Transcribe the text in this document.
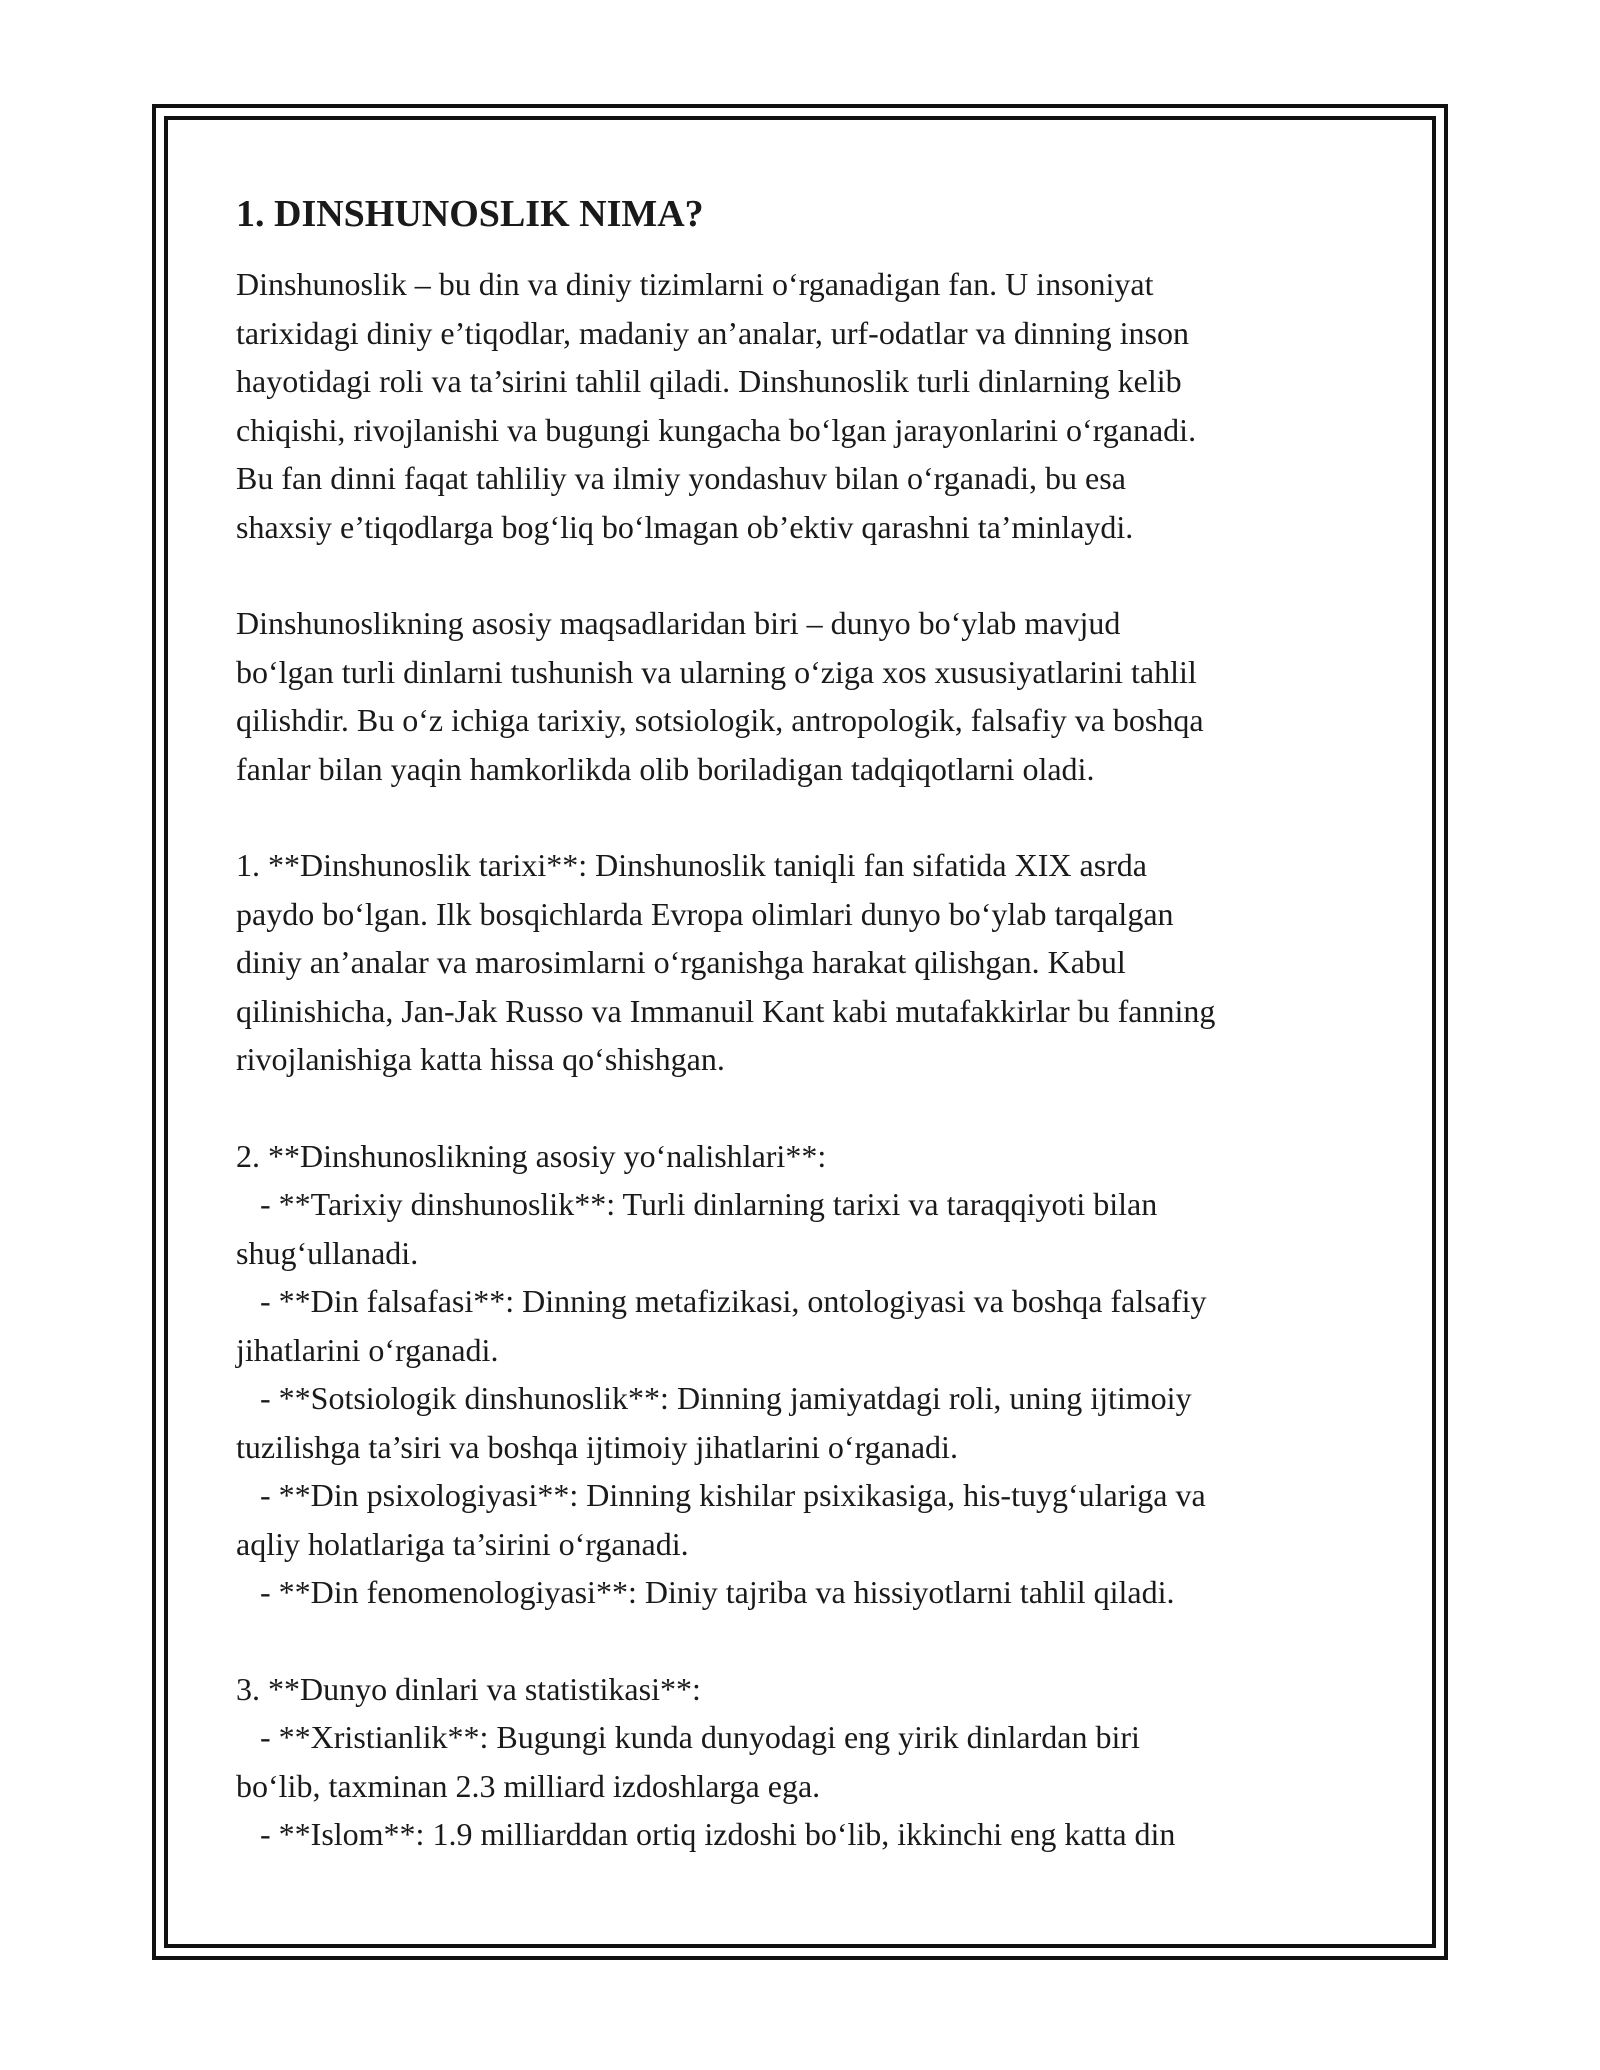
1. DINSHUNOSLIK NIMA?

Dinshunoslik – bu din va diniy tizimlarni o‘rganadigan fan. U insoniyat
tarixidagi diniy e’tiqodlar, madaniy an’analar, urf-odatlar va dinning inson
hayotidagi roli va ta’sirini tahlil qiladi. Dinshunoslik turli dinlarning kelib
chiqishi, rivojlanishi va bugungi kungacha bo‘lgan jarayonlarini o‘rganadi.
Bu fan dinni faqat tahliliy va ilmiy yondashuv bilan o‘rganadi, bu esa
shaxsiy e’tiqodlarga bog‘liq bo‘lmagan ob’ektiv qarashni ta’minlaydi.

Dinshunoslikning asosiy maqsadlaridan biri – dunyo bo‘ylab mavjud
bo‘lgan turli dinlarni tushunish va ularning o‘ziga xos xususiyatlarini tahlil
qilishdir. Bu o‘z ichiga tarixiy, sotsiologik, antropologik, falsafiy va boshqa
fanlar bilan yaqin hamkorlikda olib boriladigan tadqiqotlarni oladi.

1. **Dinshunoslik tarixi**: Dinshunoslik taniqli fan sifatida XIX asrda
paydo bo‘lgan. Ilk bosqichlarda Evropa olimlari dunyo bo‘ylab tarqalgan
diniy an’analar va marosimlarni o‘rganishga harakat qilishgan. Kabul
qilinishicha, Jan-Jak Russo va Immanuil Kant kabi mutafakkirlar bu fanning
rivojlanishiga katta hissa qo‘shishgan.

2. **Dinshunoslikning asosiy yo‘nalishlari**:
- **Tarixiy dinshunoslik**: Turli dinlarning tarixi va taraqqiyoti bilan
shug‘ullanadi.
- **Din falsafasi**: Dinning metafizikasi, ontologiyasi va boshqa falsafiy
jihatlarini o‘rganadi.
- **Sotsiologik dinshunoslik**: Dinning jamiyatdagi roli, uning ijtimoiy
tuzilishga ta’siri va boshqa ijtimoiy jihatlarini o‘rganadi.
- **Din psixologiyasi**: Dinning kishilar psixikasiga, his-tuyg‘ulariga va
aqliy holatlariga ta’sirini o‘rganadi.
- **Din fenomenologiyasi**: Diniy tajriba va hissiyotlarni tahlil qiladi.

3. **Dunyo dinlari va statistikasi**:
- **Xristianlik**: Bugungi kunda dunyodagi eng yirik dinlardan biri
bo‘lib, taxminan 2.3 milliard izdoshlarga ega.
- **Islom**: 1.9 milliarddan ortiq izdoshi bo‘lib, ikkinchi eng katta din
